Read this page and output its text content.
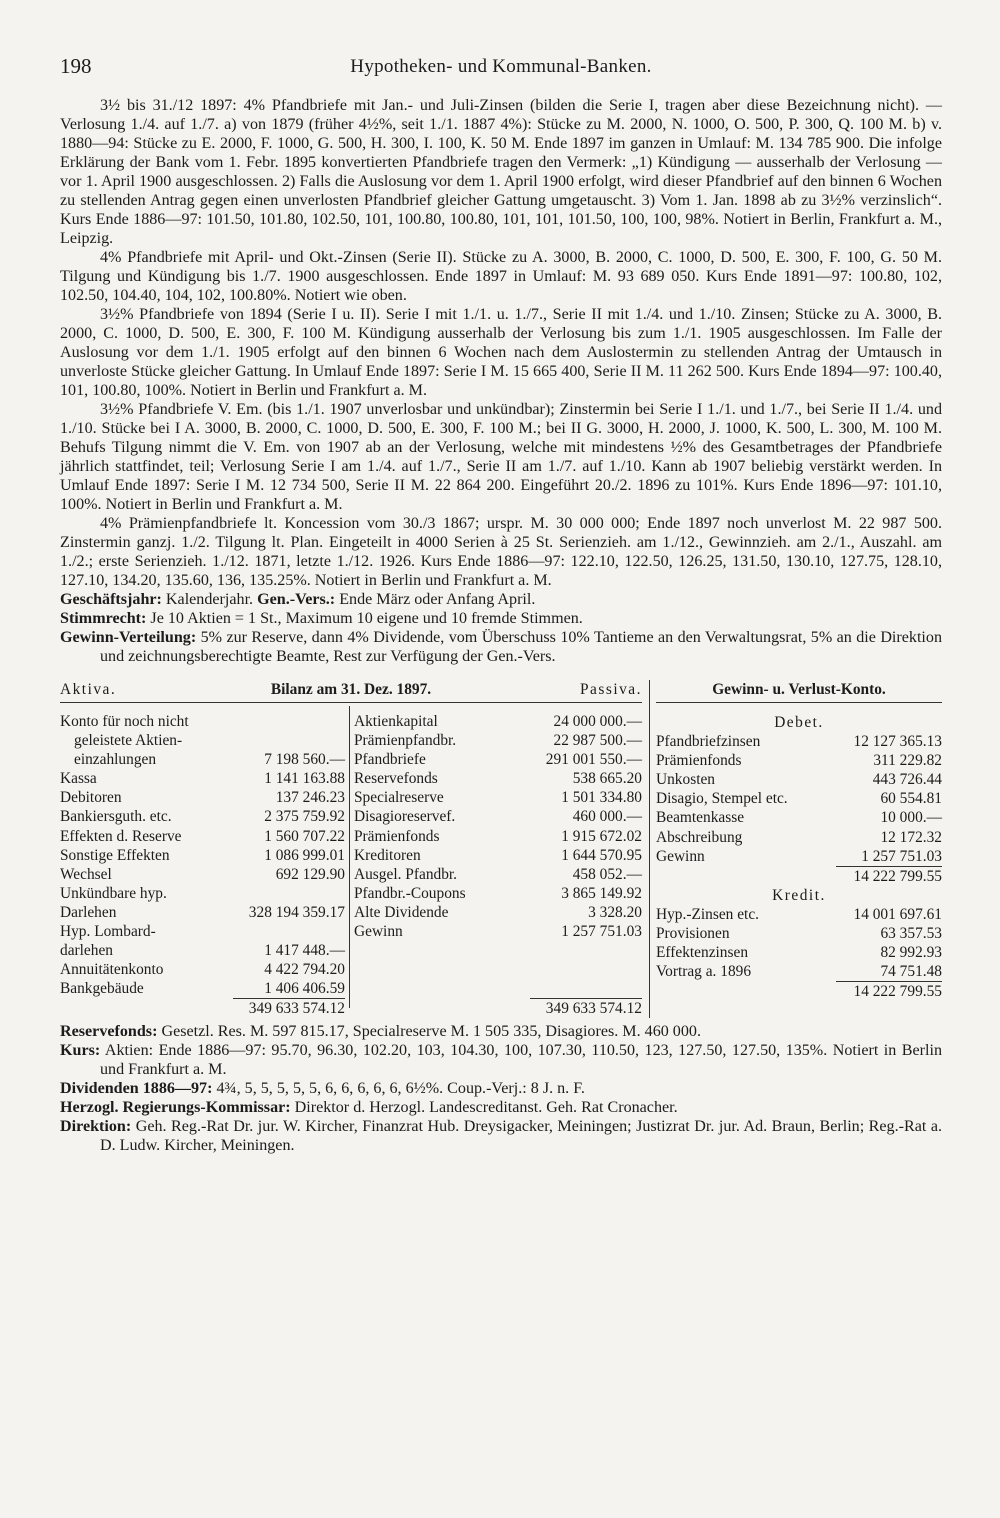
198	Hypotheken- und Kommunal-Banken.

3½ bis 31./12 1897: 4% Pfandbriefe mit Jan.- und Juli-Zinsen (bilden die Serie I, tragen aber diese Bezeichnung nicht). — Verlosung 1./4. auf 1./7. a) von 1879 (früher 4½%, seit 1./1. 1887 4%): Stücke zu M. 2000, N. 1000, O. 500, P. 300, Q. 100 M. b) v. 1880—94: Stücke zu E. 2000, F. 1000, G. 500, H. 300, I. 100, K. 50 M. Ende 1897 im ganzen in Umlauf: M. 134 785 900. Die infolge Erklärung der Bank vom 1. Febr. 1895 konvertierten Pfandbriefe tragen den Vermerk: „1) Kündigung — ausserhalb der Verlosung — vor 1. April 1900 ausgeschlossen. 2) Falls die Auslosung vor dem 1. April 1900 erfolgt, wird dieser Pfandbrief auf den binnen 6 Wochen zu stellenden Antrag gegen einen unverlosten Pfandbrief gleicher Gattung umgetauscht. 3) Vom 1. Jan. 1898 ab zu 3½% verzinslich“. Kurs Ende 1886—97: 101.50, 101.80, 102.50, 101, 100.80, 100.80, 101, 101, 101.50, 100, 100, 98%. Notiert in Berlin, Frankfurt a. M., Leipzig.

4% Pfandbriefe mit April- und Okt.-Zinsen (Serie II). Stücke zu A. 3000, B. 2000, C. 1000, D. 500, E. 300, F. 100, G. 50 M. Tilgung und Kündigung bis 1./7. 1900 ausgeschlossen. Ende 1897 in Umlauf: M. 93 689 050. Kurs Ende 1891—97: 100.80, 102, 102.50, 104.40, 104, 102, 100.80%. Notiert wie oben.

3½% Pfandbriefe von 1894 (Serie I u. II). Serie I mit 1./1. u. 1./7., Serie II mit 1./4. und 1./10. Zinsen; Stücke zu A. 3000, B. 2000, C. 1000, D. 500, E. 300, F. 100 M. Kündigung ausserhalb der Verlosung bis zum 1./1. 1905 ausgeschlossen. Im Falle der Auslosung vor dem 1./1. 1905 erfolgt auf den binnen 6 Wochen nach dem Auslostermin zu stellenden Antrag der Umtausch in unverloste Stücke gleicher Gattung. In Umlauf Ende 1897: Serie I M. 15 665 400, Serie II M. 11 262 500. Kurs Ende 1894—97: 100.40, 101, 100.80, 100%. Notiert in Berlin und Frankfurt a. M.

3½% Pfandbriefe V. Em. (bis 1./1. 1907 unverlosbar und unkündbar); Zinstermin bei Serie I 1./1. und 1./7., bei Serie II 1./4. und 1./10. Stücke bei I A. 3000, B. 2000, C. 1000, D. 500, E. 300, F. 100 M.; bei II G. 3000, H. 2000, J. 1000, K. 500, L. 300, M. 100 M. Behufs Tilgung nimmt die V. Em. von 1907 ab an der Verlosung, welche mit mindestens ½% des Gesamtbetrages der Pfandbriefe jährlich stattfindet, teil; Verlosung Serie I am 1./4. auf 1./7., Serie II am 1./7. auf 1./10. Kann ab 1907 beliebig verstärkt werden. In Umlauf Ende 1897: Serie I M. 12 734 500, Serie II M. 22 864 200. Eingeführt 20./2. 1896 zu 101%. Kurs Ende 1896—97: 101.10, 100%. Notiert in Berlin und Frankfurt a. M.

4% Prämienpfandbriefe lt. Koncession vom 30./3 1867; urspr. M. 30 000 000; Ende 1897 noch unverlost M. 22 987 500. Zinstermin ganzj. 1./2. Tilgung lt. Plan. Eingeteilt in 4000 Serien à 25 St. Serienzieh. am 1./12., Gewinnzieh. am 2./1., Auszahl. am 1./2.; erste Serienzieh. 1./12. 1871, letzte 1./12. 1926. Kurs Ende 1886—97: 122.10, 122.50, 126.25, 131.50, 130.10, 127.75, 128.10, 127.10, 134.20, 135.60, 136, 135.25%. Notiert in Berlin und Frankfurt a. M.

Geschäftsjahr: Kalenderjahr. Gen.-Vers.: Ende März oder Anfang April.

Stimmrecht: Je 10 Aktien = 1 St., Maximum 10 eigene und 10 fremde Stimmen.

Gewinn-Verteilung: 5% zur Reserve, dann 4% Dividende, vom Überschuss 10% Tantieme an den Verwaltungsrat, 5% an die Direktion und zeichnungsberechtigte Beamte, Rest zur Verfügung der Gen.-Vers.

Aktiva.	Bilanz am 31. Dez. 1897.	Passiva.
Konto für noch nicht
geleistete Aktien-
einzahlungen	7 198 560.—
Kassa	1 141 163.88
Debitoren	137 246.23
Bankiersguth. etc.	2 375 759.92
Effekten d. Reserve	1 560 707.22
Sonstige Effekten	1 086 999.01
Wechsel	692 129.90
Unkündbare hyp.
Darlehen	328 194 359.17
Hyp. Lombard-
darlehen	1 417 448.—
Annuitätenkonto	4 422 794.20
Bankgebäude	1 406 406.59
349 633 574.12
Aktienkapital	24 000 000.—
Prämienpfandbr.	22 987 500.—
Pfandbriefe	291 001 550.—
Reservefonds	538 665.20
Specialreserve	1 501 334.80
Disagioreservef.	460 000.—
Prämienfonds	1 915 672.02
Kreditoren	1 644 570.95
Ausgel. Pfandbr.	458 052.—
Pfandbr.-Coupons	3 865 149.92
Alte Dividende	3 328.20
Gewinn	1 257 751.03
349 633 574.12
Gewinn- u. Verlust-Konto.
Debet.
Pfandbriefzinsen	12 127 365.13
Prämienfonds	311 229.82
Unkosten	443 726.44
Disagio, Stempel etc.	60 554.81
Beamtenkasse	10 000.—
Abschreibung	12 172.32
Gewinn	1 257 751.03
14 222 799.55
Kredit.
Hyp.-Zinsen etc.	14 001 697.61
Provisionen	63 357.53
Effektenzinsen	82 992.93
Vortrag a. 1896	74 751.48
14 222 799.55

Reservefonds: Gesetzl. Res. M. 597 815.17, Specialreserve M. 1 505 335, Disagiores. M. 460 000.

Kurs: Aktien: Ende 1886—97: 95.70, 96.30, 102.20, 103, 104.30, 100, 107.30, 110.50, 123, 127.50, 127.50, 135%. Notiert in Berlin und Frankfurt a. M.

Dividenden 1886—97: 4¾, 5, 5, 5, 5, 5, 6, 6, 6, 6, 6, 6½%. Coup.-Verj.: 8 J. n. F.

Herzogl. Regierungs-Kommissar: Direktor d. Herzogl. Landescreditanst. Geh. Rat Cronacher.

Direktion: Geh. Reg.-Rat Dr. jur. W. Kircher, Finanzrat Hub. Dreysigacker, Meiningen; Justizrat Dr. jur. Ad. Braun, Berlin; Reg.-Rat a. D. Ludw. Kircher, Meiningen.
